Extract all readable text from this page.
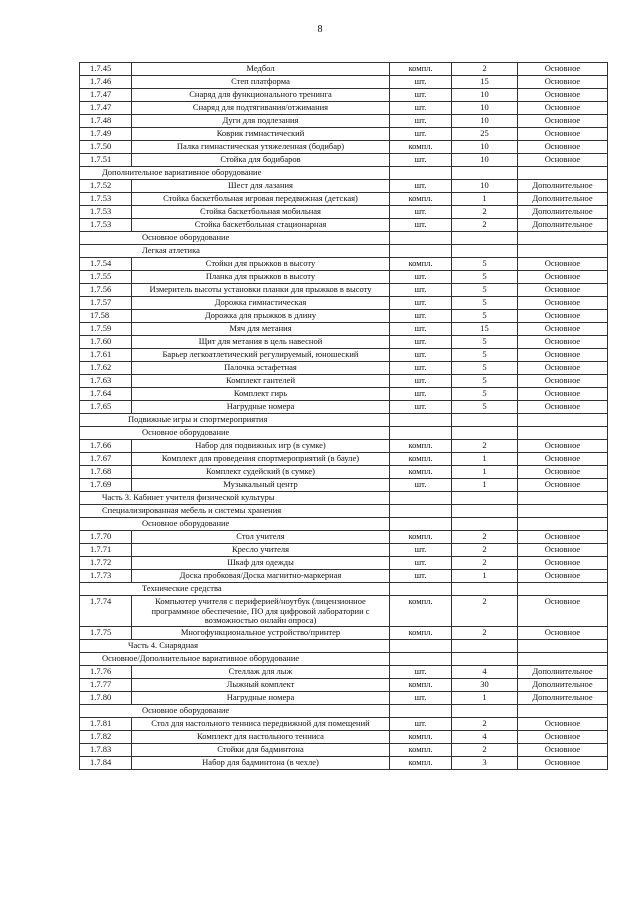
8
1.7.45	Медбол	компл.	2	Основное
1.7.46	Степ платформа	шт.	15	Основное
1.7.47	Снаряд для функционального тренинга	шт.	10	Основное
1.7.47	Снаряд для подтягивания/отжимания	шт.	10	Основное
1.7.48	Дуги для подлезания	шт.	10	Основное
1.7.49	Коврик гимнастический	шт.	25	Основное
1.7.50	Палка гимнастическая утяжеленная (бодибар)	компл.	10	Основное
1.7.51	Стойка для бодибаров	шт.	10	Основное
Дополнительное вариативное оборудование				
1.7.52	Шест для лазания	шт.	10	Дополнительное
1.7.53	Стойка баскетбольная игровая передвижная (детская)	компл.	1	Дополнительное
1.7.53	Стойка баскетбольная мобильная	шт.	2	Дополнительное
1.7.53	Стойка баскетбольная стационарная	шт.	2	Дополнительное
Основное оборудование				
Легкая атлетика				
1.7.54	Стойки для прыжков в высоту	компл.	5	Основное
1.7.55	Планка для прыжков в высоту	шт.	5	Основное
1.7.56	Измеритель высоты установки планки для прыжков в высоту	шт.	5	Основное
1.7.57	Дорожка гимнастическая	шт.	5	Основное
17.58	Дорожка для прыжков в длину	шт.	5	Основное
1.7.59	Мяч для метания	шт.	15	Основное
1.7.60	Щит для метания в цель навесной	шт.	5	Основное
1.7.61	Барьер легкоатлетический регулируемый, юношеский	шт.	5	Основное
1.7.62	Палочка эстафетная	шт.	5	Основное
1.7.63	Комплект гантелей	шт.	5	Основное
1.7.64	Комплект гирь	шт.	5	Основное
1.7.65	Нагрудные номера	шт.	5	Основное
Подвижные игры и спортмероприятия				
Основное оборудование				
1.7.66	Набор для подвижных игр (в сумке)	компл.	2	Основное
1.7.67	Комплект для проведения спортмероприятий (в бауле)	компл.	1	Основное
1.7.68	Комплект судейский (в сумке)	компл.	1	Основное
1.7.69	Музыкальный центр	шт.	1	Основное
Часть 3. Кабинет учителя физической культуры				
Специализированная мебель и системы хранения				
Основное оборудование				
1.7.70	Стол учителя	компл.	2	Основное
1.7.71	Кресло учителя	шт.	2	Основное
1.7.72	Шкаф для одежды	шт.	2	Основное
1.7.73	Доска пробковая/Доска магнитно-маркерная	шт.	1	Основное
Технические средства				
1.7.74	Компьютер учителя с периферией/ноутбук (лицензионное программное обеспечение, ПО для цифровой лаборатории с возможностью онлайн опроса)	компл.	2	Основное
1.7.75	Многофункциональное устройство/принтер	компл.	2	Основное
Часть 4. Снарядная				
Основное/Дополнительное вариативное оборудование				
1.7.76	Стеллаж для лыж	шт.	4	Дополнительное
1.7.77	Лыжный комплект	компл.	30	Дополнительное
1.7.80	Нагрудные номера	шт.	1	Дополнительное
Основное оборудование				
1.7.81	Стол для настольного тенниса передвижной для помещений	шт.	2	Основное
1.7.82	Комплект для настольного тенниса	компл.	4	Основное
1.7.83	Стойки для бадминтона	компл.	2	Основное
1.7.84	Набор для бадминтона (в чехле)	компл.	3	Основное
